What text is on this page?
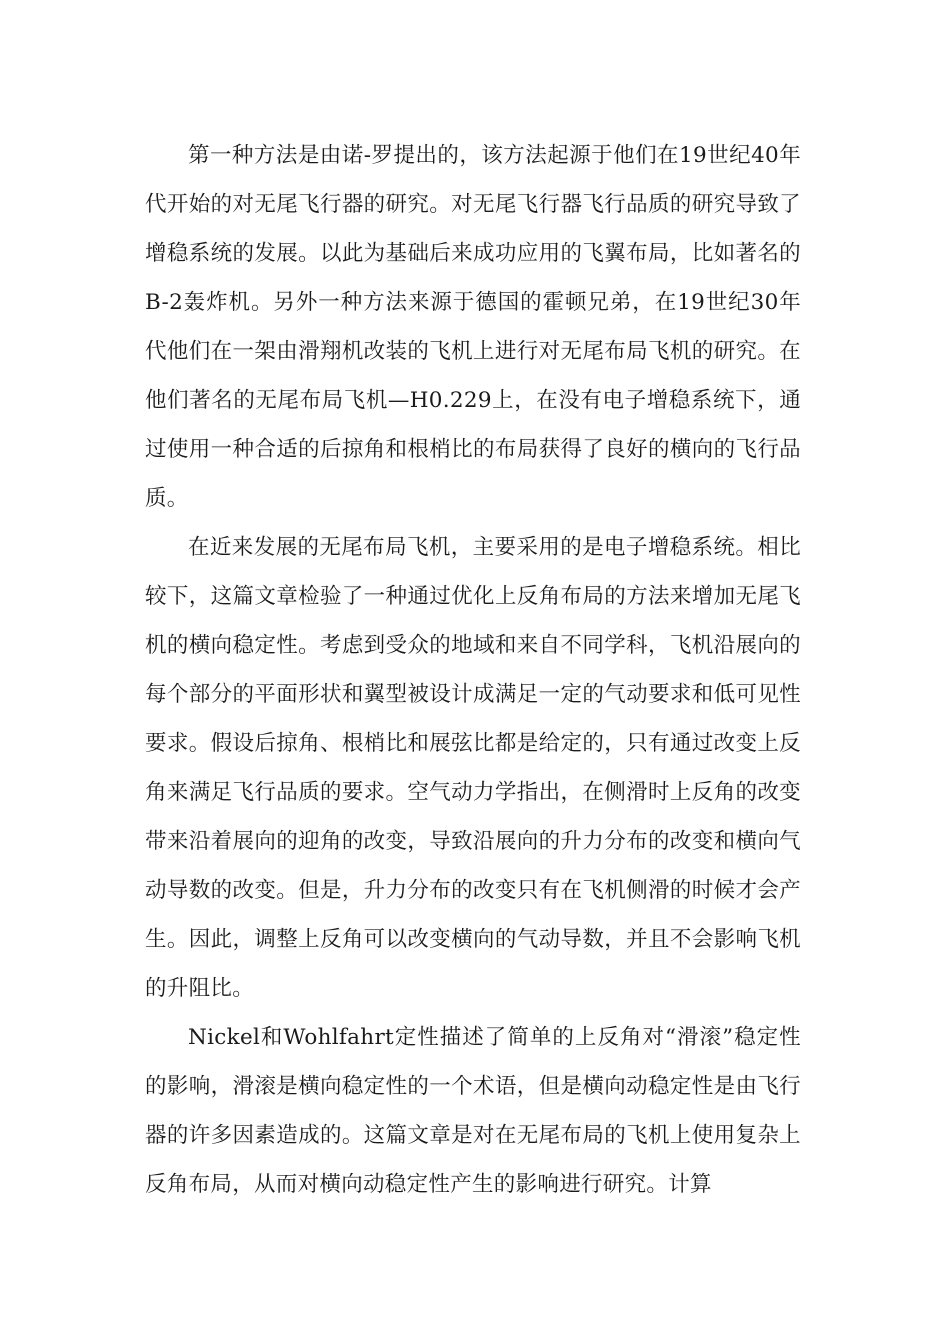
第一种方法是由诺-罗提出的，该方法起源于他们在19世纪40年代开始的对无尾飞行器的研究。对无尾飞行器飞行品质的研究导致了增稳系统的发展。以此为基础后来成功应用的飞翼布局，比如著名的B-2轰炸机。另外一种方法来源于德国的霍顿兄弟，在19世纪30年代他们在一架由滑翔机改装的飞机上进行对无尾布局飞机的研究。在他们著名的无尾布局飞机—H0.229上，在没有电子增稳系统下，通过使用一种合适的后掠角和根梢比的布局获得了良好的横向的飞行品质。

在近来发展的无尾布局飞机，主要采用的是电子增稳系统。相比较下，这篇文章检验了一种通过优化上反角布局的方法来增加无尾飞机的横向稳定性。考虑到受众的地域和来自不同学科，飞机沿展向的每个部分的平面形状和翼型被设计成满足一定的气动要求和低可见性要求。假设后掠角、根梢比和展弦比都是给定的，只有通过改变上反角来满足飞行品质的要求。空气动力学指出，在侧滑时上反角的改变带来沿着展向的迎角的改变，导致沿展向的升力分布的改变和横向气动导数的改变。但是，升力分布的改变只有在飞机侧滑的时候才会产生。因此，调整上反角可以改变横向的气动导数，并且不会影响飞机的升阻比。

Nickel和Wohlfahrt定性描述了简单的上反角对“滑滚”稳定性的影响，滑滚是横向稳定性的一个术语，但是横向动稳定性是由飞行器的许多因素造成的。这篇文章是对在无尾布局的飞机上使用复杂上反角布局，从而对横向动稳定性产生的影响进行研究。计算
